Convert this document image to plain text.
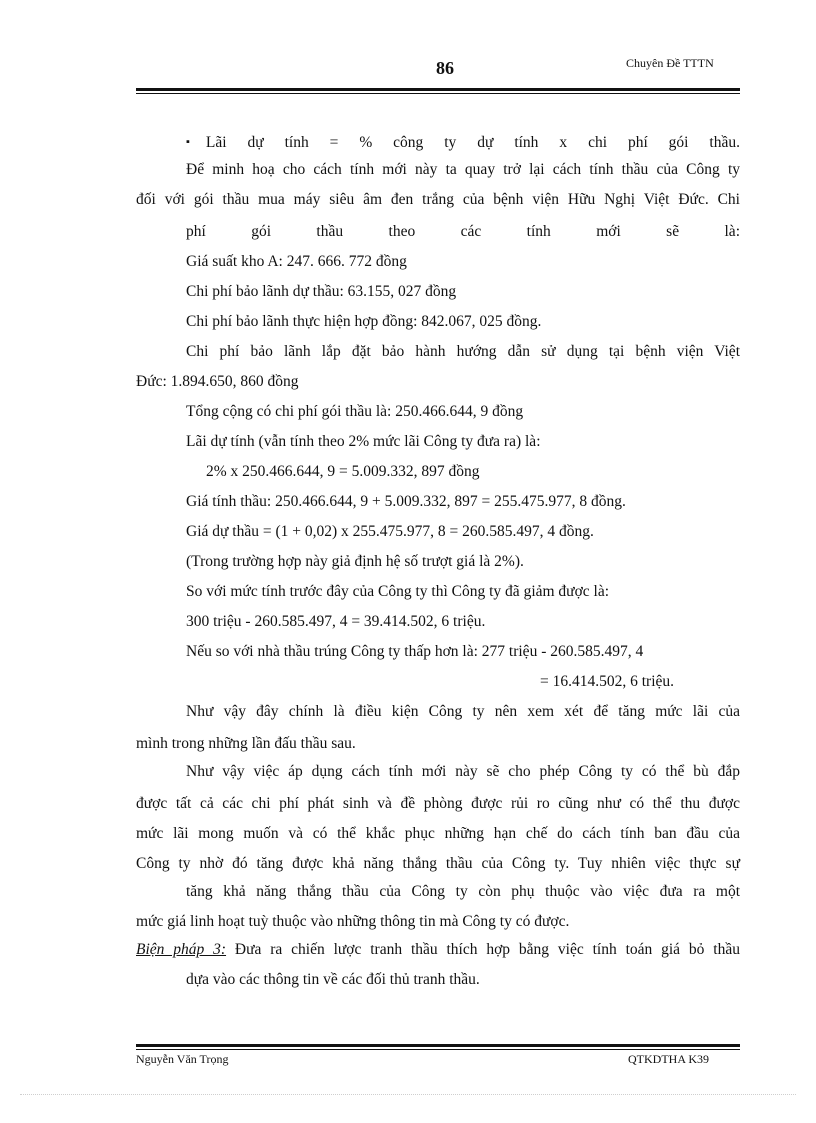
86	Chuyên Đề TTTN
▪ Lãi dự tính = % công ty dự tính x chi phí gói thầu.
Để minh hoạ cho cách tính mới này ta quay trở lại cách tính thầu của Công ty
đối với gói thầu mua máy siêu âm đen trắng của bệnh viện Hữu Nghị Việt Đức. Chi
phí gói thầu theo các tính mới sẽ là:
Giá suất kho A: 247. 666. 772 đồng
Chi phí bảo lãnh dự thầu: 63.155, 027 đồng
Chi phí bảo lãnh thực hiện hợp đồng: 842.067, 025 đồng.
Chi phí bảo lãnh lắp đặt bảo hành hướng dẫn sử dụng tại bệnh viện Việt
Đức: 1.894.650, 860 đồng
Tổng cộng có chi phí gói thầu là: 250.466.644, 9 đồng
Lãi dự tính (vẫn tính theo 2% mức lãi Công ty đưa ra) là:
2% x 250.466.644, 9 = 5.009.332, 897 đồng
Giá tính thầu: 250.466.644, 9 + 5.009.332, 897 = 255.475.977, 8 đồng.
Giá dự thầu = (1 + 0,02) x 255.475.977, 8 = 260.585.497, 4 đồng.
(Trong trường hợp này giả định hệ số trượt giá là 2%).
So với mức tính trước đây của Công ty thì Công ty đã giảm được là:
300 triệu - 260.585.497, 4 = 39.414.502, 6 triệu.
Nếu so với nhà thầu trúng Công ty thấp hơn là: 277 triệu - 260.585.497, 4
= 16.414.502, 6 triệu.
Như vậy đây chính là điều kiện Công ty nên xem xét để tăng mức lãi của
mình trong những lần đấu thầu sau.
Như vậy việc áp dụng cách tính mới này sẽ cho phép Công ty có thể bù đắp
được tất cả các chi phí phát sinh và đề phòng được rủi ro cũng như có thể thu được
mức lãi mong muốn và có thể khắc phục những hạn chế do cách tính ban đầu của
Công ty nhờ đó tăng được khả năng thắng thầu của Công ty. Tuy nhiên việc thực sự
tăng khả năng thắng thầu của Công ty còn phụ thuộc vào việc đưa ra một
mức giá linh hoạt tuỳ thuộc vào những thông tin mà Công ty có được.
Biện pháp 3: Đưa ra chiến lược tranh thầu thích hợp bằng việc tính toán giá bỏ thầu
dựa vào các thông tin về các đối thủ tranh thầu.
Nguyễn Văn Trọng	QTKDTHA K39
